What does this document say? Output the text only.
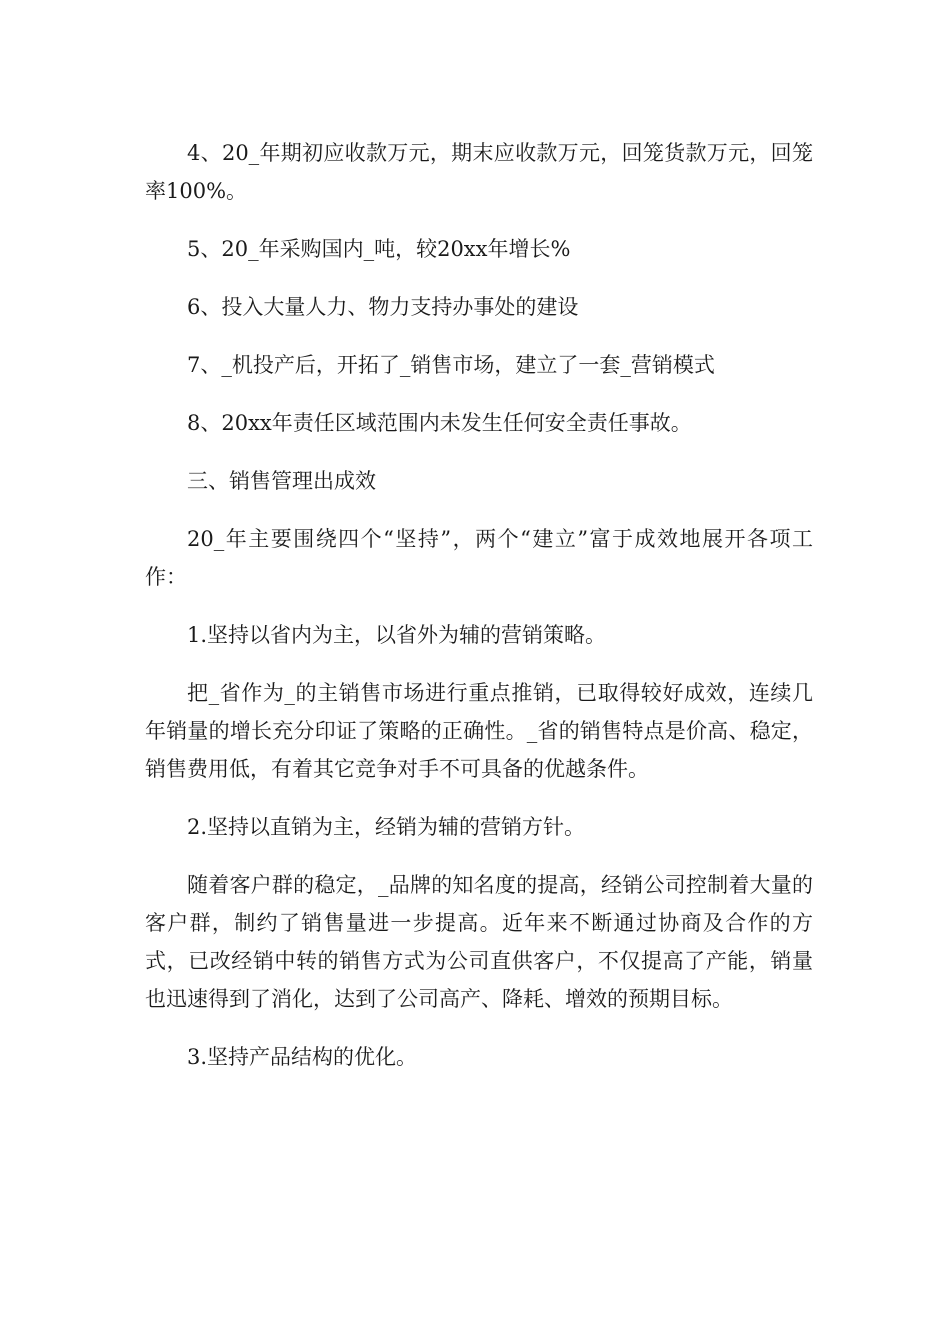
4、20_年期初应收款万元，期末应收款万元，回笼货款万元，回笼率100%。

5、20_年采购国内_吨，较20xx年增长%

6、投入大量人力、物力支持办事处的建设

7、_机投产后，开拓了_销售市场，建立了一套_营销模式

8、20xx年责任区域范围内未发生任何安全责任事故。

三、销售管理出成效

20_年主要围绕四个“坚持”，两个“建立”富于成效地展开各项工作：

1.坚持以省内为主，以省外为辅的营销策略。

把_省作为_的主销售市场进行重点推销，已取得较好成效，连续几年销量的增长充分印证了策略的正确性。_省的销售特点是价高、稳定，销售费用低，有着其它竞争对手不可具备的优越条件。

2.坚持以直销为主，经销为辅的营销方针。

随着客户群的稳定，_品牌的知名度的提高，经销公司控制着大量的客户群，制约了销售量进一步提高。近年来不断通过协商及合作的方式，已改经销中转的销售方式为公司直供客户，不仅提高了产能，销量也迅速得到了消化，达到了公司高产、降耗、增效的预期目标。

3.坚持产品结构的优化。
